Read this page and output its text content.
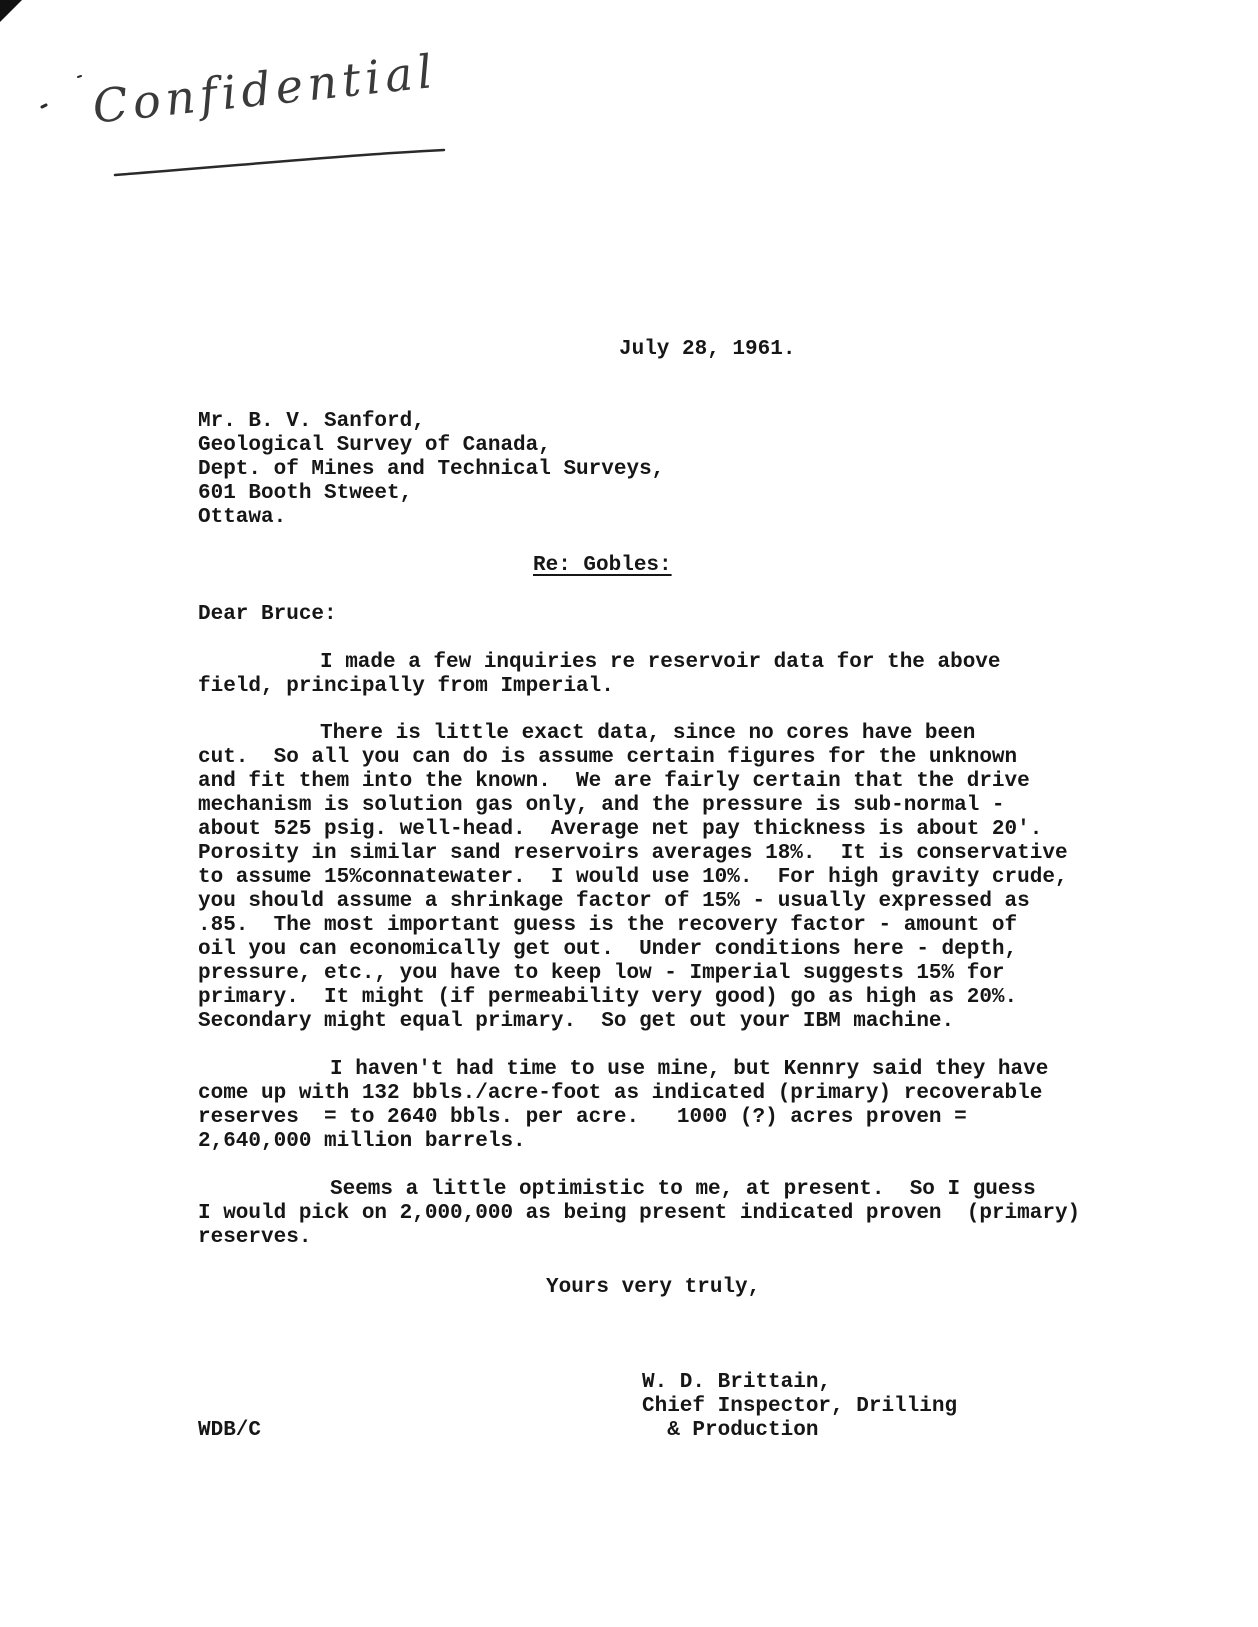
Confidential
July 28, 1961.
Mr. B. V. Sanford,
Geological Survey of Canada,
Dept. of Mines and Technical Surveys,
601 Booth Stweet,
Ottawa.
Re: Gobles:
Dear Bruce:
I made a few inquiries re reservoir data for the above
field, principally from Imperial.
There is little exact data, since no cores have been
cut.  So all you can do is assume certain figures for the unknown
and fit them into the known.  We are fairly certain that the drive
mechanism is solution gas only, and the pressure is sub-normal -
about 525 psig. well-head.  Average net pay thickness is about 20'.
Porosity in similar sand reservoirs averages 18%.  It is conservative
to assume 15%connatewater.  I would use 10%.  For high gravity crude,
you should assume a shrinkage factor of 15% - usually expressed as
.85.  The most important guess is the recovery factor - amount of
oil you can economically get out.  Under conditions here - depth,
pressure, etc., you have to keep low - Imperial suggests 15% for
primary.  It might (if permeability very good) go as high as 20%.
Secondary might equal primary.  So get out your IBM machine.
I haven't had time to use mine, but Kennry said they have
come up with 132 bbls./acre-foot as indicated (primary) recoverable
reserves  = to 2640 bbls. per acre.   1000 (?) acres proven =
2,640,000 million barrels.
Seems a little optimistic to me, at present.  So I guess
I would pick on 2,000,000 as being present indicated proven  (primary)
reserves.
Yours very truly,
W. D. Brittain,
Chief Inspector, Drilling
& Production
WDB/C
